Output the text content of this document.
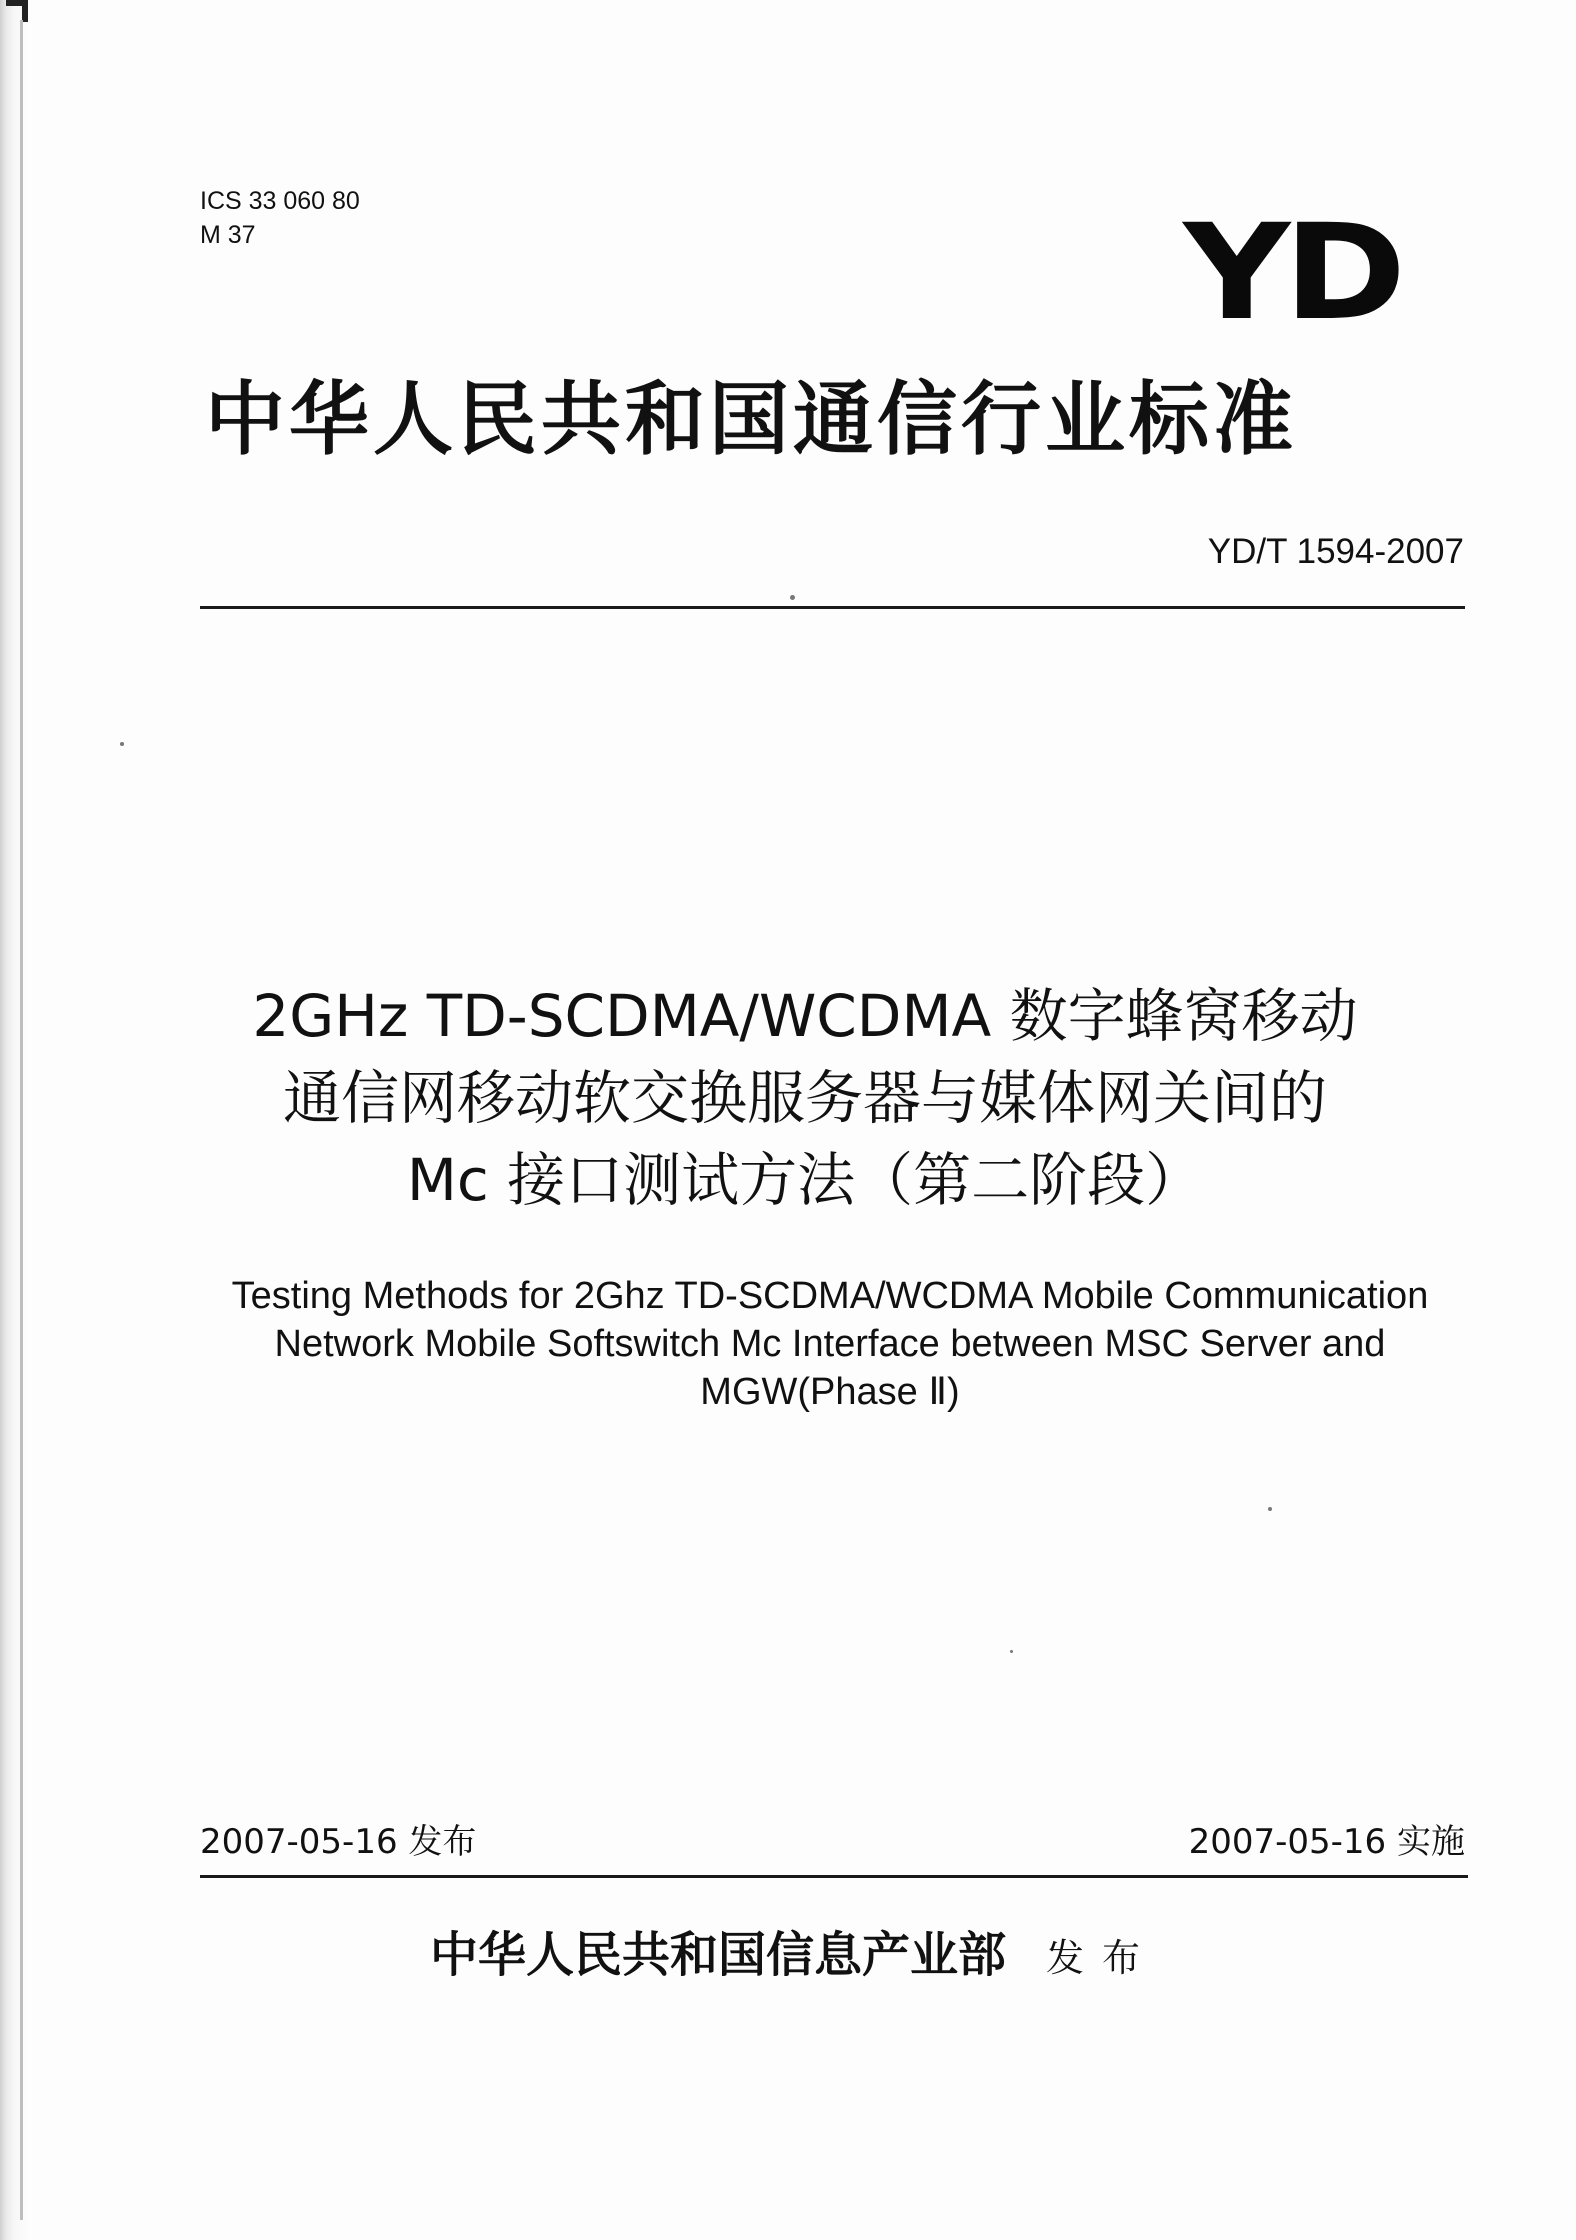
ICS 33 060 80
M 37	YD
中华人民共和国通信行业标准
YD/T 1594-2007
2GHz TD-SCDMA/WCDMA 数字蜂窝移动
通信网移动软交换服务器与媒体网关间的
Mc 接口测试方法（第二阶段）
Testing Methods for 2Ghz TD-SCDMA/WCDMA Mobile Communication
Network Mobile Softswitch Mc Interface between MSC Server and
MGW(Phase Ⅱ)
2007-05-16 发布	2007-05-16 实施
中华人民共和国信息产业部 发布
